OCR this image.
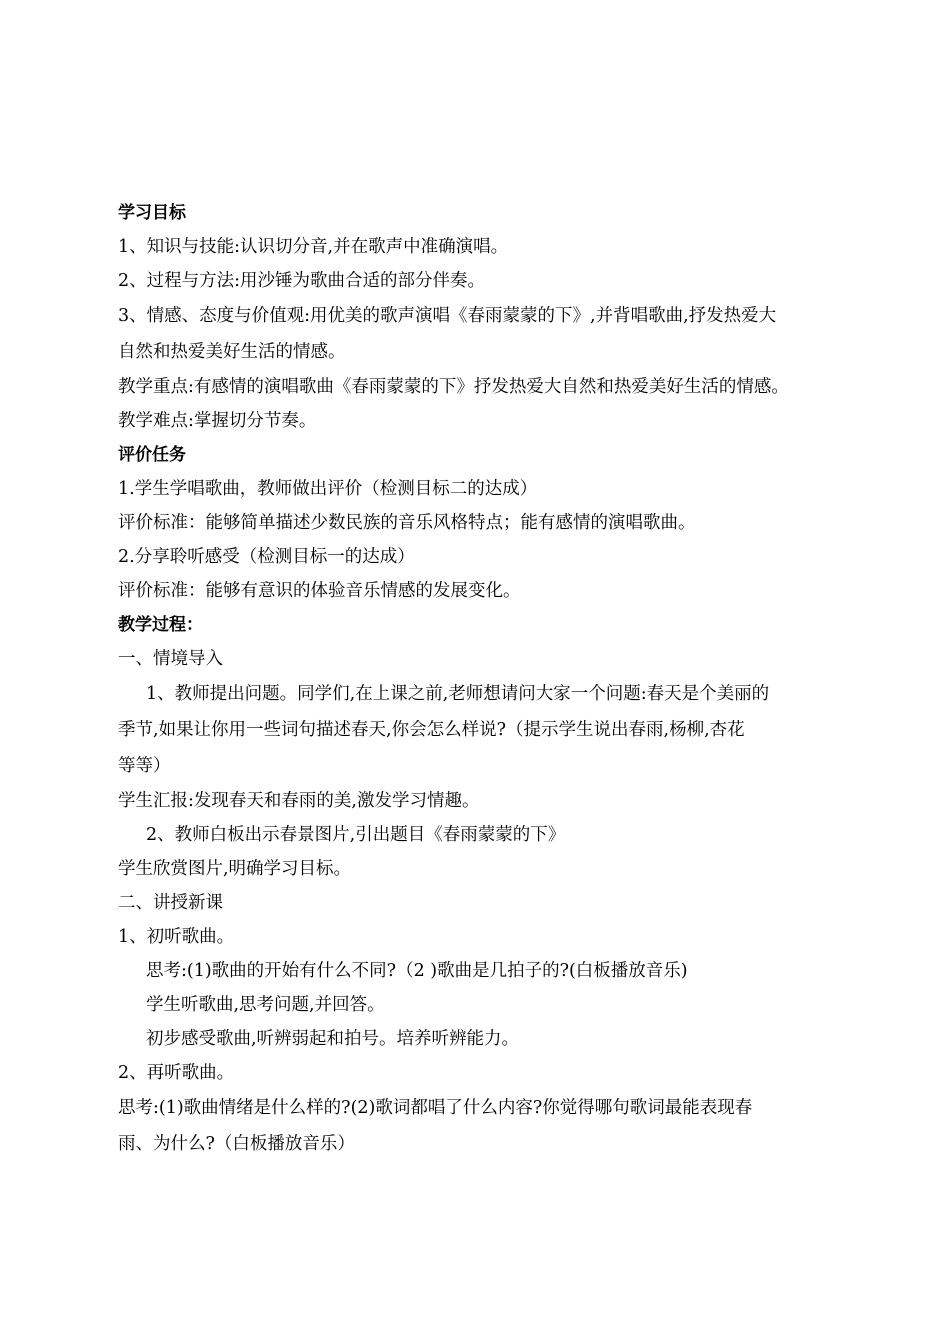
学习目标
1、知识与技能:认识切分音,并在歌声中准确演唱。
2、过程与方法:用沙锤为歌曲合适的部分伴奏。
3、情感、态度与价值观:用优美的歌声演唱《春雨蒙蒙的下》,并背唱歌曲,抒发热爱大
自然和热爱美好生活的情感。
教学重点:有感情的演唱歌曲《春雨蒙蒙的下》抒发热爱大自然和热爱美好生活的情感。
教学难点:掌握切分节奏。
评价任务
1.学生学唱歌曲，教师做出评价（检测目标二的达成）
评价标准：能够简单描述少数民族的音乐风格特点；能有感情的演唱歌曲。
2.分享聆听感受（检测目标一的达成）
评价标准：能够有意识的体验音乐情感的发展变化。
教学过程：
一、情境导入
1、教师提出问题。同学们,在上课之前,老师想请问大家一个问题:春天是个美丽的
季节,如果让你用一些词句描述春天,你会怎么样说?（提示学生说出春雨,杨柳,杏花
等等）
学生汇报:发现春天和春雨的美,激发学习情趣。
2、教师白板出示春景图片,引出题目《春雨蒙蒙的下》
学生欣赏图片,明确学习目标。
二、讲授新课
1、初听歌曲。
思考:(1)歌曲的开始有什么不同?（2 )歌曲是几拍子的?(白板播放音乐)
学生听歌曲,思考问题,并回答。
初步感受歌曲,听辨弱起和拍号。培养听辨能力。
2、再听歌曲。
思考:(1)歌曲情绪是什么样的?(2)歌词都唱了什么内容?你觉得哪句歌词最能表现春
雨、为什么?（白板播放音乐）
